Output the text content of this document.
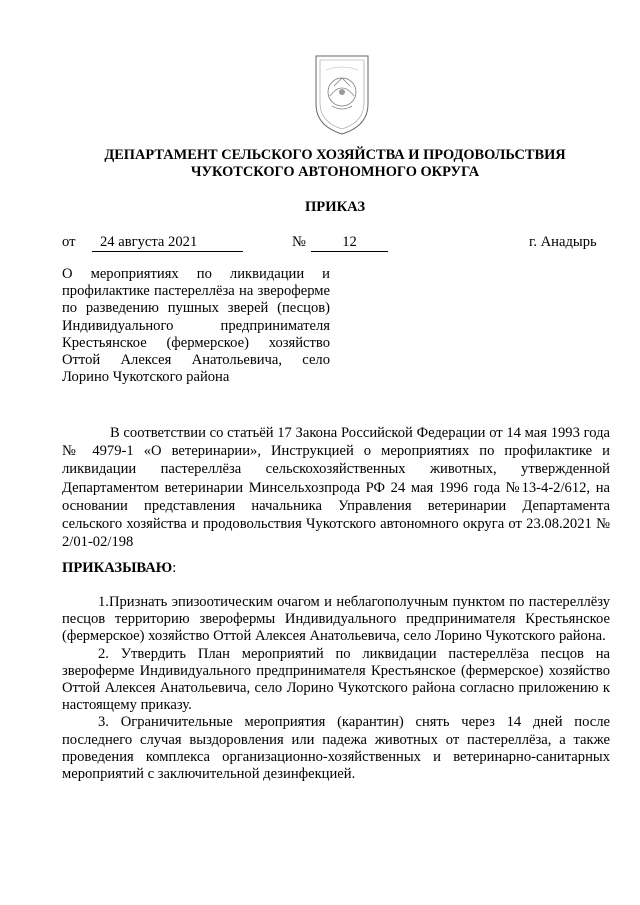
ДЕПАРТАМЕНТ СЕЛЬСКОГО ХОЗЯЙСТВА И ПРОДОВОЛЬСТВИЯ
ЧУКОТСКОГО АВТОНОМНОГО ОКРУГА
ПРИКАЗ
от	24 августа 2021	№	12	г. Анадырь
О мероприятиях по ликвидации и профилактике пастереллёза на звероферме по разведению пушных зверей (песцов) Индивидуального предпринимателя Крестьянское (фермерское) хозяйство Оттой Алексея Анатольевича, село Лорино Чукотского района

В соответствии со статьёй 17 Закона Российской Федерации от 14 мая 1993 года № 4979-1 «О ветеринарии», Инструкцией о мероприятиях по профилактике и ликвидации пастереллёза сельскохозяйственных животных, утвержденной Департаментом ветеринарии Минсельхозпрода РФ 24 мая 1996 года №13-4-2/612, на основании представления начальника Управления ветеринарии Департамента сельского хозяйства и продовольствия Чукотского автономного округа от 23.08.2021 № 2/01-02/198

ПРИКАЗЫВАЮ:

1.Признать эпизоотическим очагом и неблагополучным пунктом по пастереллёзу песцов территорию зверофермы Индивидуального предпринимателя Крестьянское (фермерское) хозяйство Оттой Алексея Анатольевича, село Лорино Чукотского района.

2. Утвердить План мероприятий по ликвидации пастереллёза песцов на звероферме Индивидуального предпринимателя Крестьянское (фермерское) хозяйство Оттой Алексея Анатольевича, село Лорино Чукотского района согласно приложению к настоящему приказу.

3. Ограничительные мероприятия (карантин) снять через 14 дней после последнего случая выздоровления или падежа животных от пастереллёза, а также проведения комплекса организационно-хозяйственных и ветеринарно-санитарных мероприятий с заключительной дезинфекцией.
